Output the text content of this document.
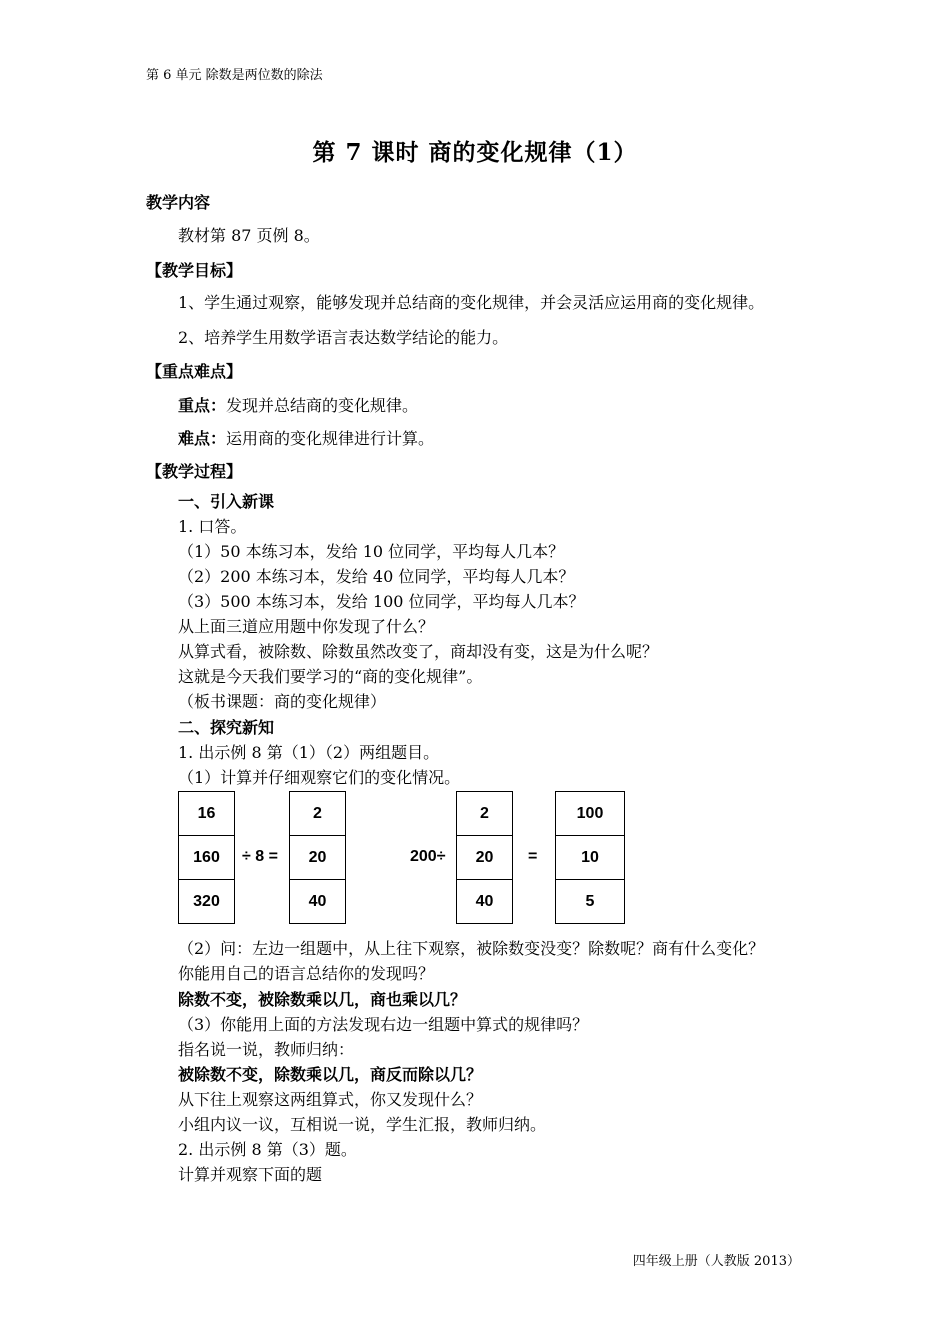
第 6 单元 除数是两位数的除法
第 7 课时 商的变化规律（1）
教学内容
教材第 87 页例 8。
【教学目标】
1、学生通过观察，能够发现并总结商的变化规律，并会灵活应运用商的变化规律。
2、培养学生用数学语言表达数学结论的能力。
【重点难点】
重点：发现并总结商的变化规律。
难点：运用商的变化规律进行计算。
【教学过程】
一、引入新课
1. 口答。
（1）50 本练习本，发给 10 位同学，平均每人几本？
（2）200 本练习本，发给 40 位同学，平均每人几本？
（3）500 本练习本，发给 100 位同学，平均每人几本？
从上面三道应用题中你发现了什么？
从算式看，被除数、除数虽然改变了，商却没有变，这是为什么呢？
这就是今天我们要学习的“商的变化规律”。
（板书课题：商的变化规律）
二、探究新知
1. 出示例 8 第（1）（2）两组题目。
（1）计算并仔细观察它们的变化情况。
16
160
320
÷ 8 =
2
20
40
200÷
2
20
40
=
100
10
5
（2）问：左边一组题中，从上往下观察，被除数变没变？除数呢？商有什么变化？
你能用自己的语言总结你的发现吗？
除数不变，被除数乘以几，商也乘以几？
（3）你能用上面的方法发现右边一组题中算式的规律吗？
指名说一说，教师归纳：
被除数不变，除数乘以几，商反而除以几？
从下往上观察这两组算式，你又发现什么？
小组内议一议，互相说一说，学生汇报，教师归纳。
2. 出示例 8 第（3）题。
计算并观察下面的题
四年级上册（人教版 2013）
